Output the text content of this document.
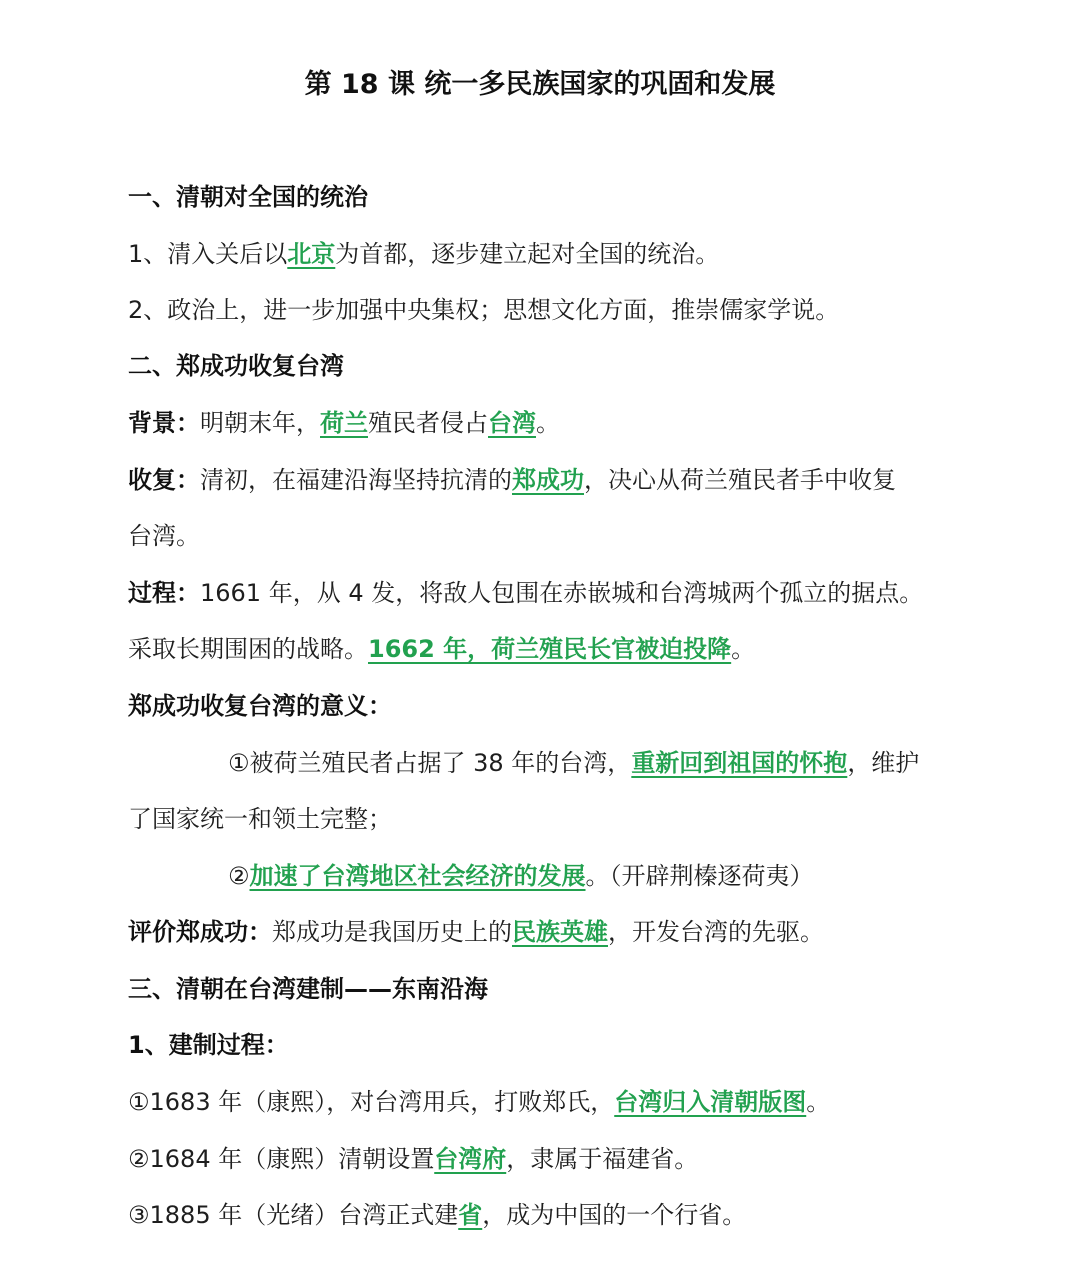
第 18 课 统一多民族国家的巩固和发展
一、清朝对全国的统治
1、清入关后以北京为首都，逐步建立起对全国的统治。
2、政治上，进一步加强中央集权；思想文化方面，推崇儒家学说。
二、郑成功收复台湾
背景：明朝末年，荷兰殖民者侵占台湾。
收复：清初，在福建沿海坚持抗清的郑成功，决心从荷兰殖民者手中收复
台湾。
过程：1661 年，从 4 发，将敌人包围在赤嵌城和台湾城两个孤立的据点。
采取长期围困的战略。1662 年，荷兰殖民长官被迫投降。
郑成功收复台湾的意义：
①被荷兰殖民者占据了 38 年的台湾，重新回到祖国的怀抱，维护
了国家统一和领土完整；
②加速了台湾地区社会经济的发展。（开辟荆榛逐荷夷）
评价郑成功：郑成功是我国历史上的民族英雄，开发台湾的先驱。
三、清朝在台湾建制——东南沿海
1、建制过程：
①1683 年（康熙），对台湾用兵，打败郑氏，台湾归入清朝版图。
②1684 年（康熙）清朝设置台湾府，隶属于福建省。
③1885 年（光绪）台湾正式建省，成为中国的一个行省。
